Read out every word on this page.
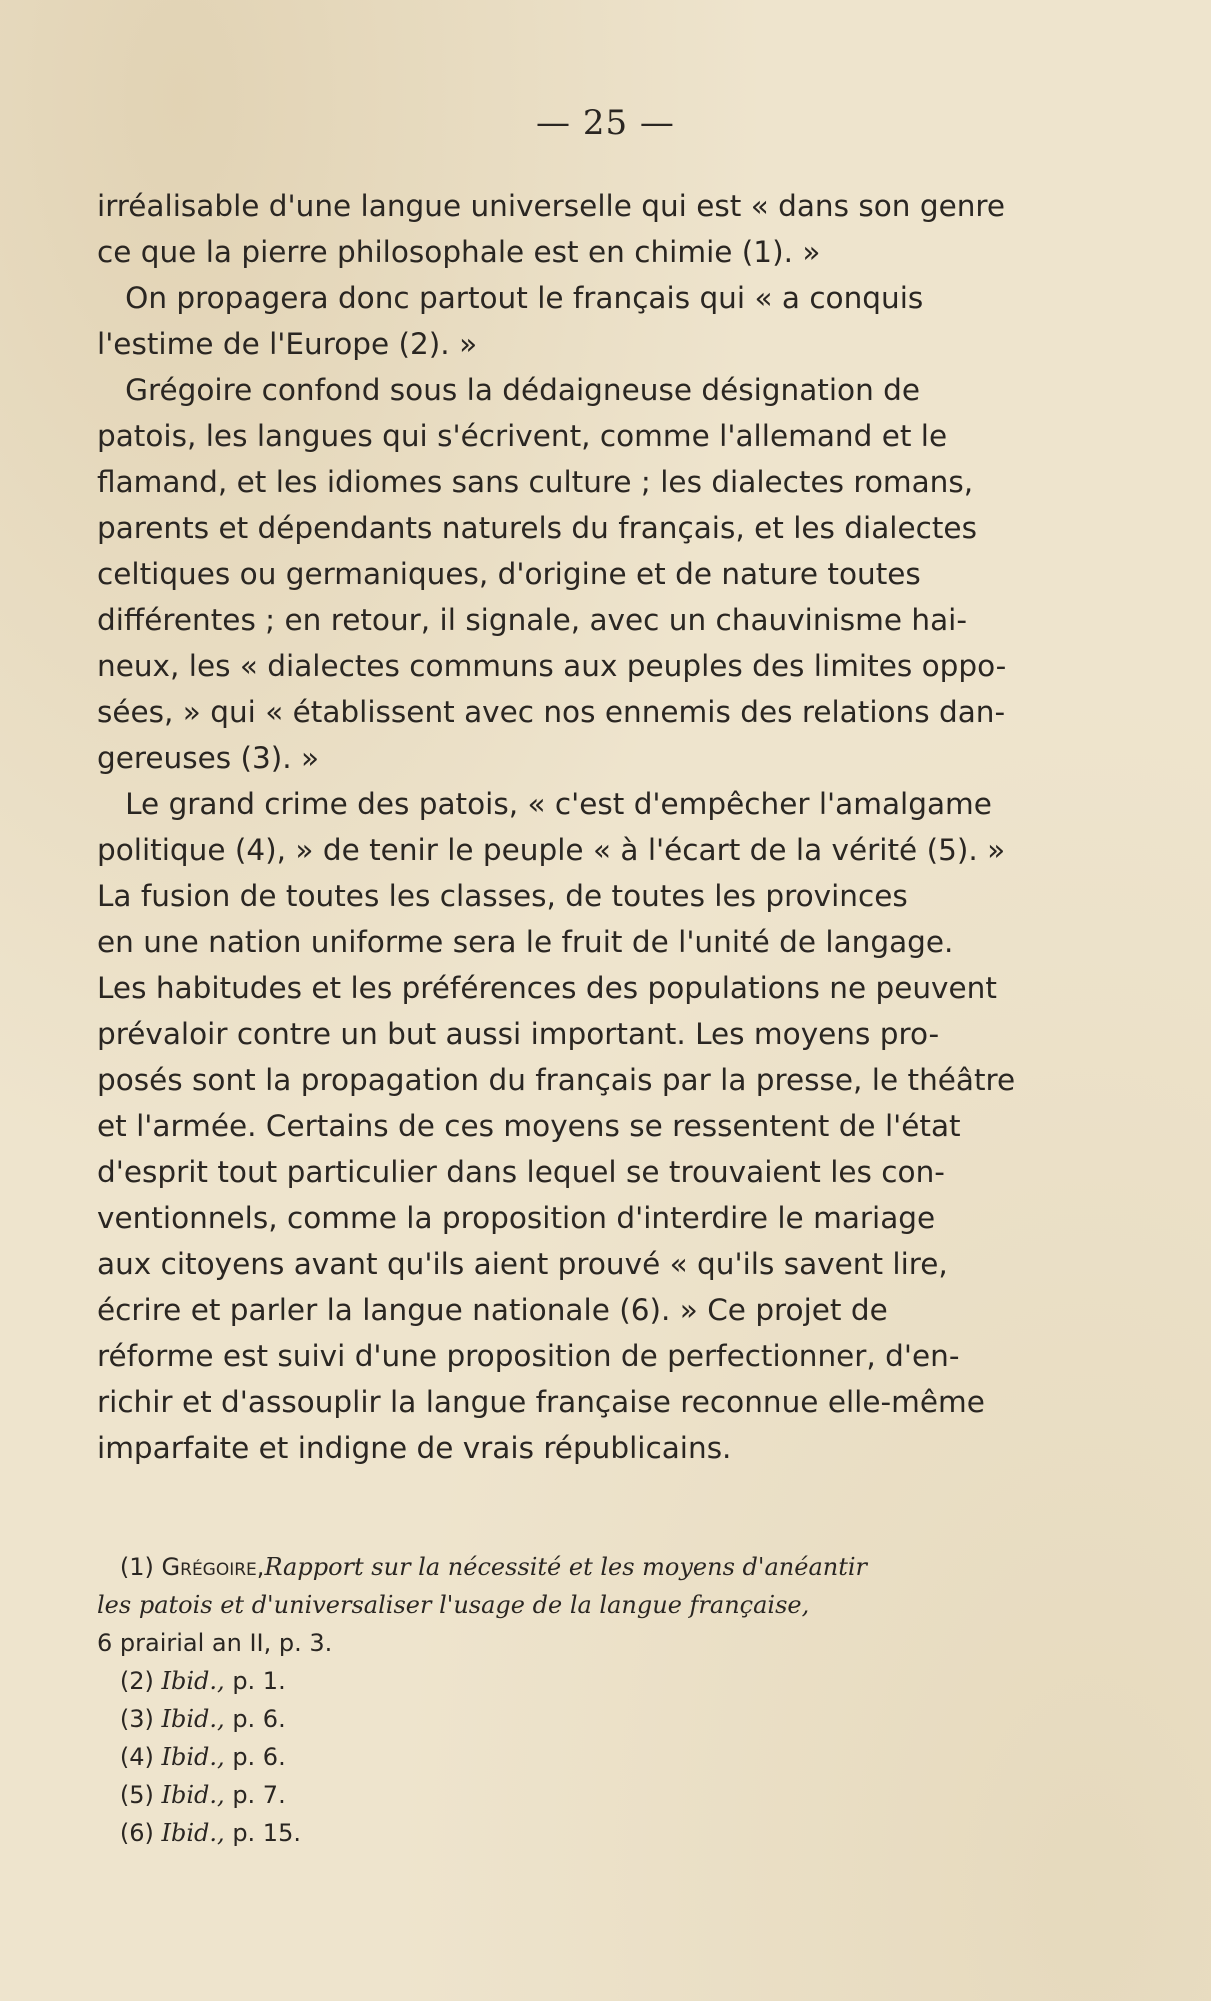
— 25 —
irréalisable d'une langue universelle qui est « dans son genre
ce que la pierre philosophale est en chimie (1). »
On propagera donc partout le français qui « a conquis
l'estime de l'Europe (2). »
Grégoire confond sous la dédaigneuse désignation de
patois, les langues qui s'écrivent, comme l'allemand et le
flamand, et les idiomes sans culture ; les dialectes romans,
parents et dépendants naturels du français, et les dialectes
celtiques ou germaniques, d'origine et de nature toutes
différentes ; en retour, il signale, avec un chauvinisme hai-
neux, les « dialectes communs aux peuples des limites oppo-
sées, » qui « établissent avec nos ennemis des relations dan-
gereuses (3). »
Le grand crime des patois, « c'est d'empêcher l'amalgame
politique (4), » de tenir le peuple « à l'écart de la vérité (5). »
La fusion de toutes les classes, de toutes les provinces
en une nation uniforme sera le fruit de l'unité de langage.
Les habitudes et les préférences des populations ne peuvent
prévaloir contre un but aussi important. Les moyens pro-
posés sont la propagation du français par la presse, le théâtre
et l'armée. Certains de ces moyens se ressentent de l'état
d'esprit tout particulier dans lequel se trouvaient les con-
ventionnels, comme la proposition d'interdire le mariage
aux citoyens avant qu'ils aient prouvé « qu'ils savent lire,
écrire et parler la langue nationale (6). » Ce projet de
réforme est suivi d'une proposition de perfectionner, d'en-
richir et d'assouplir la langue française reconnue elle-même
imparfaite et indigne de vrais républicains.
(1) Grégoire,Rapport sur la nécessité et les moyens d'anéantir
les patois et d'universaliser l'usage de la langue française,
6 prairial an II, p. 3.
(2) Ibid., p. 1.
(3) Ibid., p. 6.
(4) Ibid., p. 6.
(5) Ibid., p. 7.
(6) Ibid., p. 15.
